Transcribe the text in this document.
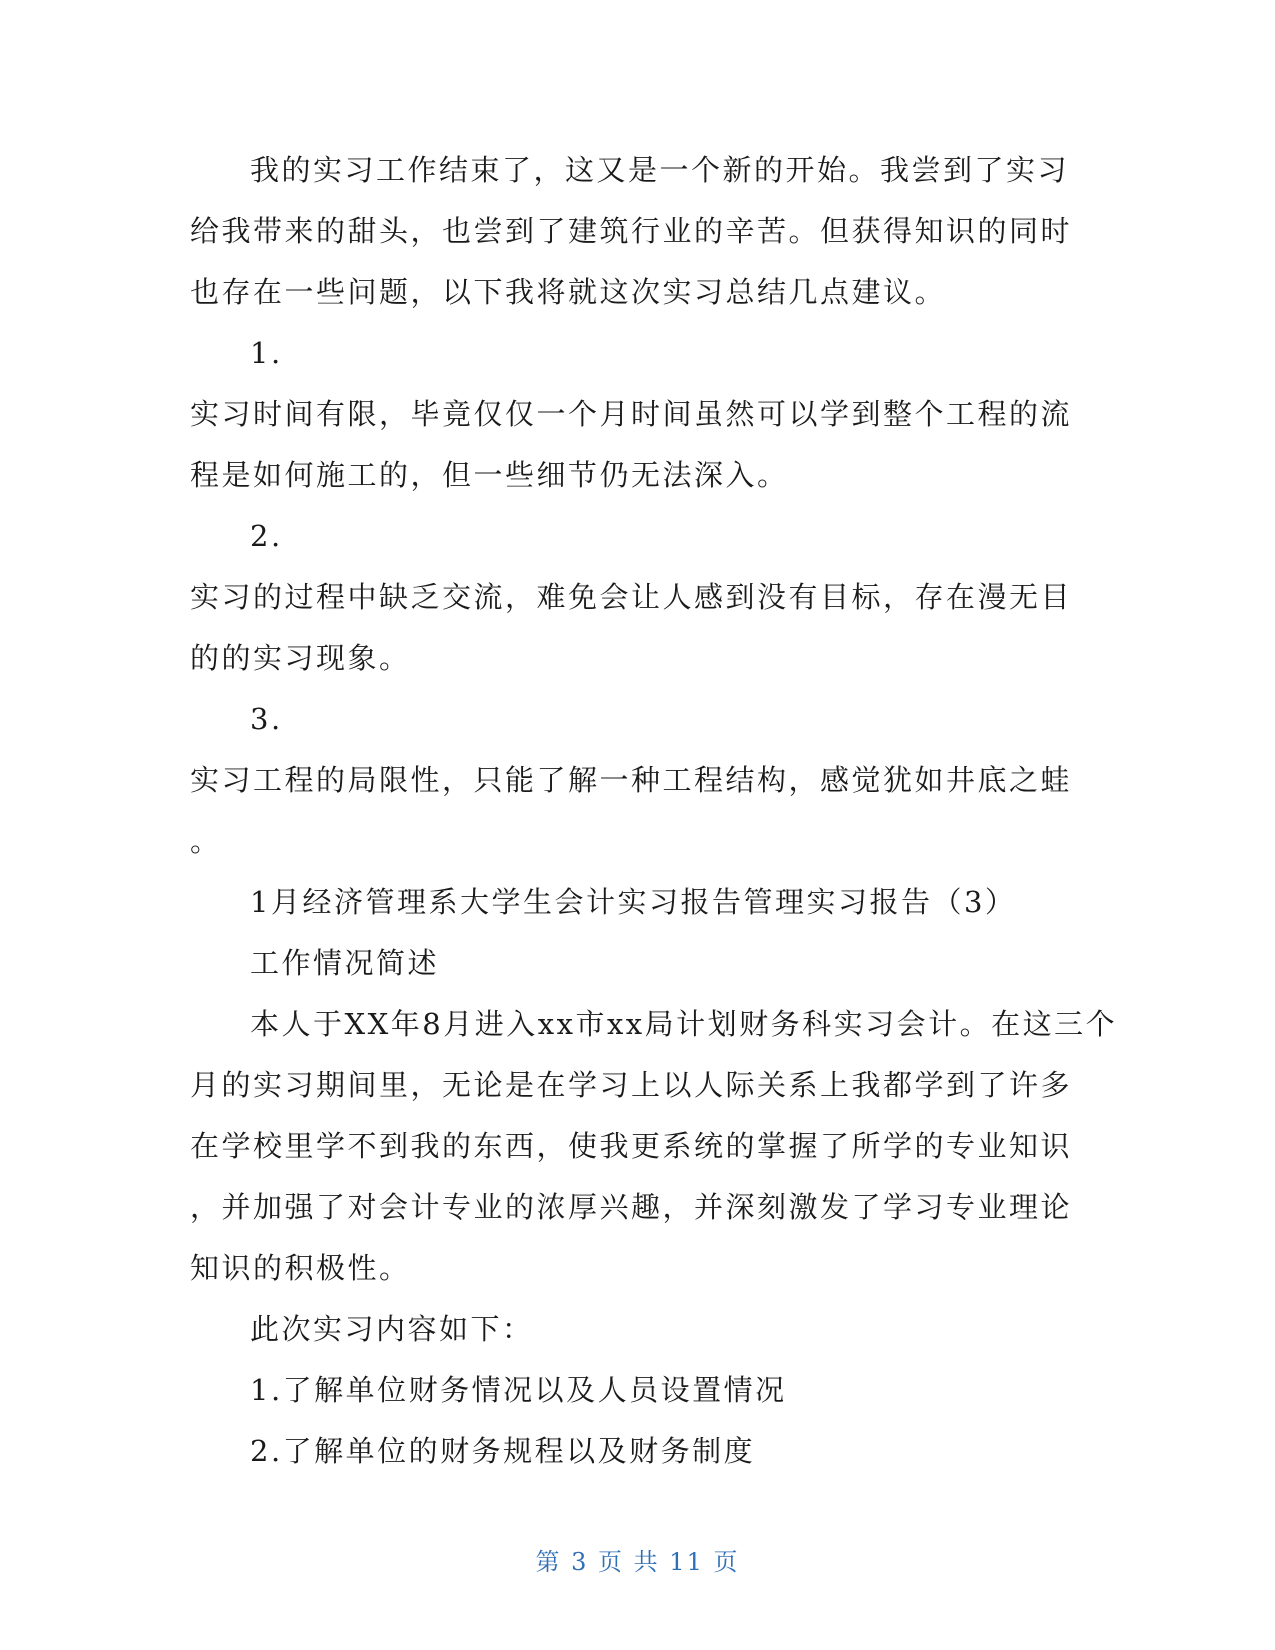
我的实习工作结束了，这又是一个新的开始。我尝到了实习
给我带来的甜头，也尝到了建筑行业的辛苦。但获得知识的同时
也存在一些问题，以下我将就这次实习总结几点建议。
1.
实习时间有限，毕竟仅仅一个月时间虽然可以学到整个工程的流
程是如何施工的，但一些细节仍无法深入。
2.
实习的过程中缺乏交流，难免会让人感到没有目标，存在漫无目
的的实习现象。
3.
实习工程的局限性，只能了解一种工程结构，感觉犹如井底之蛙
。
1月经济管理系大学生会计实习报告管理实习报告（3）
工作情况简述
本人于XX年8月进入xx市xx局计划财务科实习会计。在这三个
月的实习期间里，无论是在学习上以人际关系上我都学到了许多
在学校里学不到我的东西，使我更系统的掌握了所学的专业知识
，并加强了对会计专业的浓厚兴趣，并深刻激发了学习专业理论
知识的积极性。
此次实习内容如下：
1.了解单位财务情况以及人员设置情况
2.了解单位的财务规程以及财务制度
第 3 页 共 11 页
